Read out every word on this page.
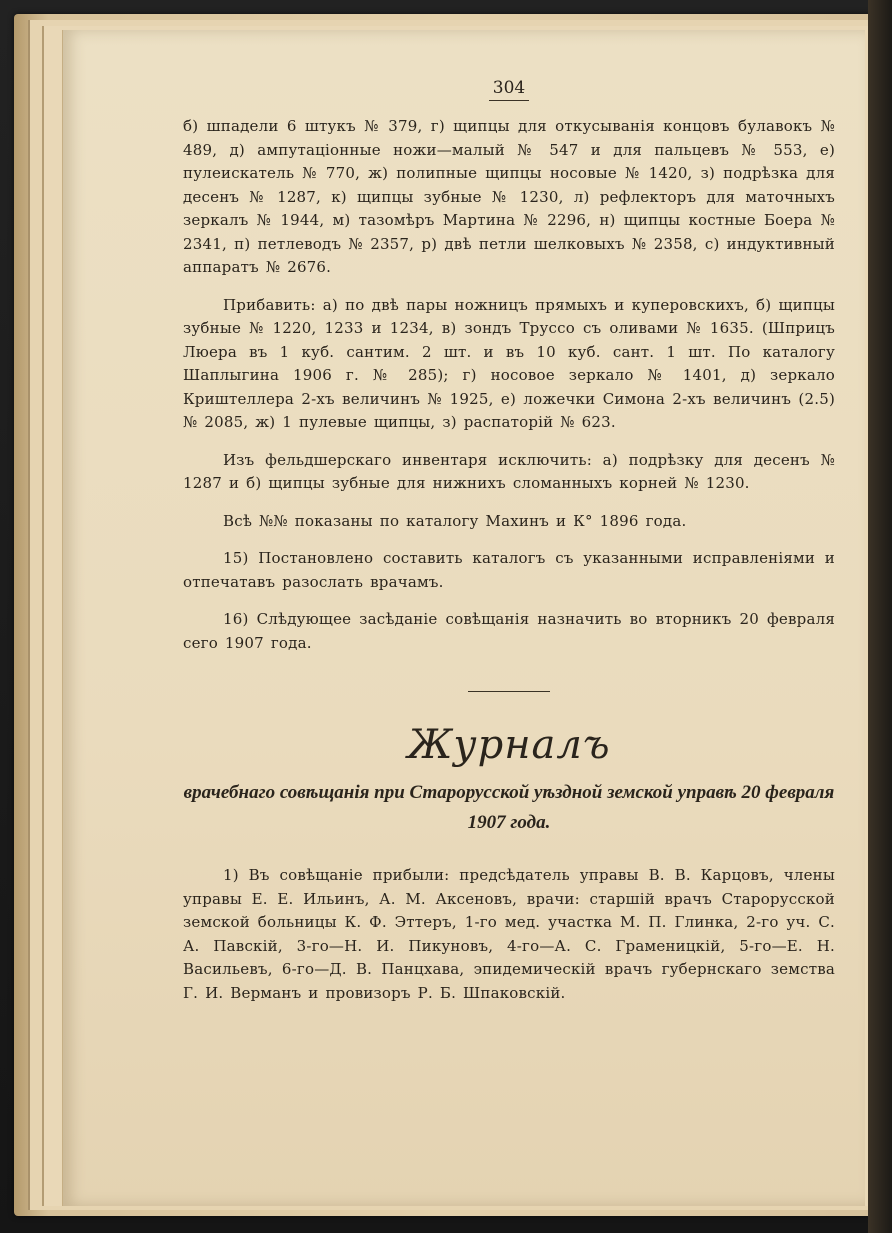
304

б) шпадели 6 штукъ № 379, г) щипцы для откусыванія концовъ булавокъ № 489, д) ампутаціонные ножи—малый № 547 и для пальцевъ № 553, е) пулеискатель № 770, ж) полипные щипцы носовые № 1420, з) подрѣзка для десенъ № 1287, к) щипцы зубные № 1230, л) рефлекторъ для маточныхъ зеркалъ № 1944, м) тазомѣръ Мартина № 2296, н) щипцы костные Боера № 2341, п) петлеводъ № 2357, р) двѣ петли шелковыхъ № 2358, с) индуктивный аппаратъ № 2676.

Прибавить: а) по двѣ пары ножницъ прямыхъ и куперовскихъ, б) щипцы зубные № 1220, 1233 и 1234, в) зондъ Труссо съ оливами № 1635. (Шприцъ Люера въ 1 куб. сантим. 2 шт. и въ 10 куб. сант. 1 шт. По каталогу Шаплыгина 1906 г. № 285); г) носовое зеркало № 1401, д) зеркало Криштеллера 2-хъ величинъ № 1925, е) ложечки Симона 2-хъ величинъ (2.5) № 2085, ж) 1 пулевые щипцы, з) распаторій № 623.

Изъ фельдшерскаго инвентаря исключить: а) подрѣзку для десенъ № 1287 и б) щипцы зубные для нижнихъ сломанныхъ корней № 1230.

Всѣ №№ показаны по каталогу Махинъ и К° 1896 года.

15) Постановлено составить каталогъ съ указанными исправленіями и отпечатавъ разослать врачамъ.

16) Слѣдующее засѣданіе совѣщанія назначить во вторникъ 20 февраля сего 1907 года.

Журналъ
врачебнаго совѣщанія при Старорусской уѣздной земской управѣ 20 февраля 1907 года.

1) Въ совѣщаніе прибыли: предсѣдатель управы В. В. Карцовъ, члены управы Е. Е. Ильинъ, А. М. Аксеновъ, врачи: старшій врачъ Старорусской земской больницы К. Ф. Эттеръ, 1-го мед. участка М. П. Глинка, 2-го уч. С. А. Павскій, 3-го—Н. И. Пикуновъ, 4-го—А. С. Граменицкій, 5-го—Е. Н. Васильевъ, 6-го—Д. В. Панцхава, эпидемическій врачъ губернскаго земства Г. И. Верманъ и провизоръ Р. Б. Шпаковскій.
